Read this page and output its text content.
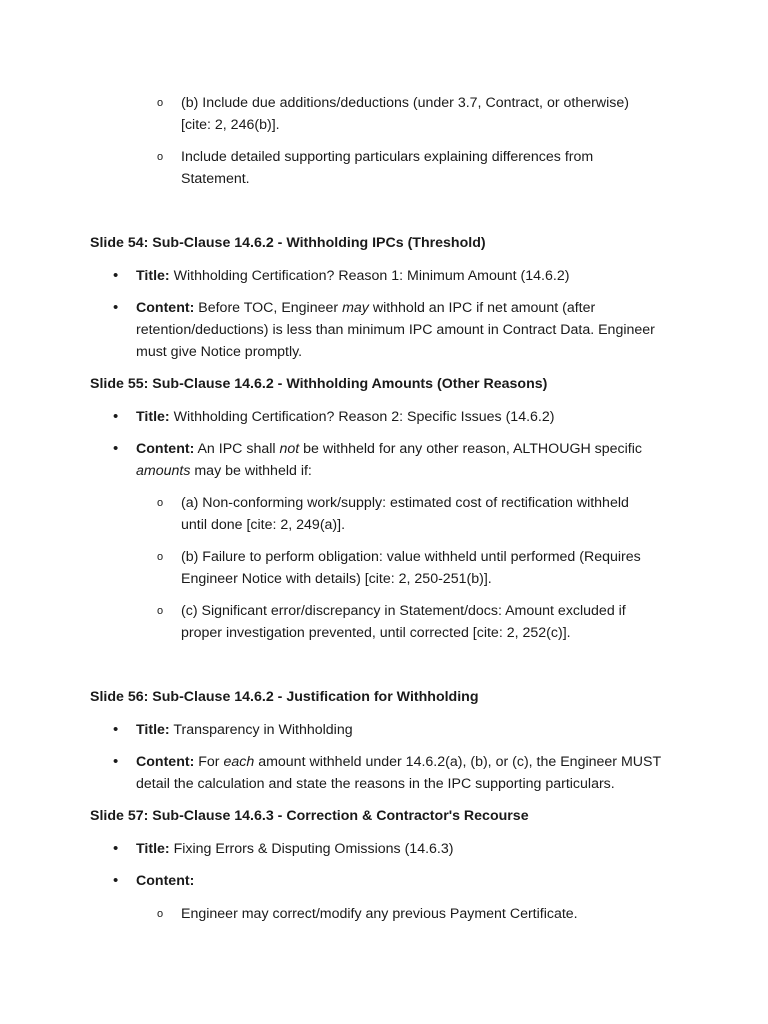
o (b) Include due additions/deductions (under 3.7, Contract, or otherwise)
[cite: 2, 246(b)].
o Include detailed supporting particulars explaining differences from
Statement.
Slide 54: Sub-Clause 14.6.2 - Withholding IPCs (Threshold)
• Title: Withholding Certification? Reason 1: Minimum Amount (14.6.2)
• Content: Before TOC, Engineer may withhold an IPC if net amount (after
retention/deductions) is less than minimum IPC amount in Contract Data. Engineer
must give Notice promptly.
Slide 55: Sub-Clause 14.6.2 - Withholding Amounts (Other Reasons)
• Title: Withholding Certification? Reason 2: Specific Issues (14.6.2)
• Content: An IPC shall not be withheld for any other reason, ALTHOUGH specific
amounts may be withheld if:
o (a) Non-conforming work/supply: estimated cost of rectification withheld
until done [cite: 2, 249(a)].
o (b) Failure to perform obligation: value withheld until performed (Requires
Engineer Notice with details) [cite: 2, 250-251(b)].
o (c) Significant error/discrepancy in Statement/docs: Amount excluded if
proper investigation prevented, until corrected [cite: 2, 252(c)].
Slide 56: Sub-Clause 14.6.2 - Justification for Withholding
• Title: Transparency in Withholding
• Content: For each amount withheld under 14.6.2(a), (b), or (c), the Engineer MUST
detail the calculation and state the reasons in the IPC supporting particulars.
Slide 57: Sub-Clause 14.6.3 - Correction & Contractor's Recourse
• Title: Fixing Errors & Disputing Omissions (14.6.3)
• Content:
o Engineer may correct/modify any previous Payment Certificate.
